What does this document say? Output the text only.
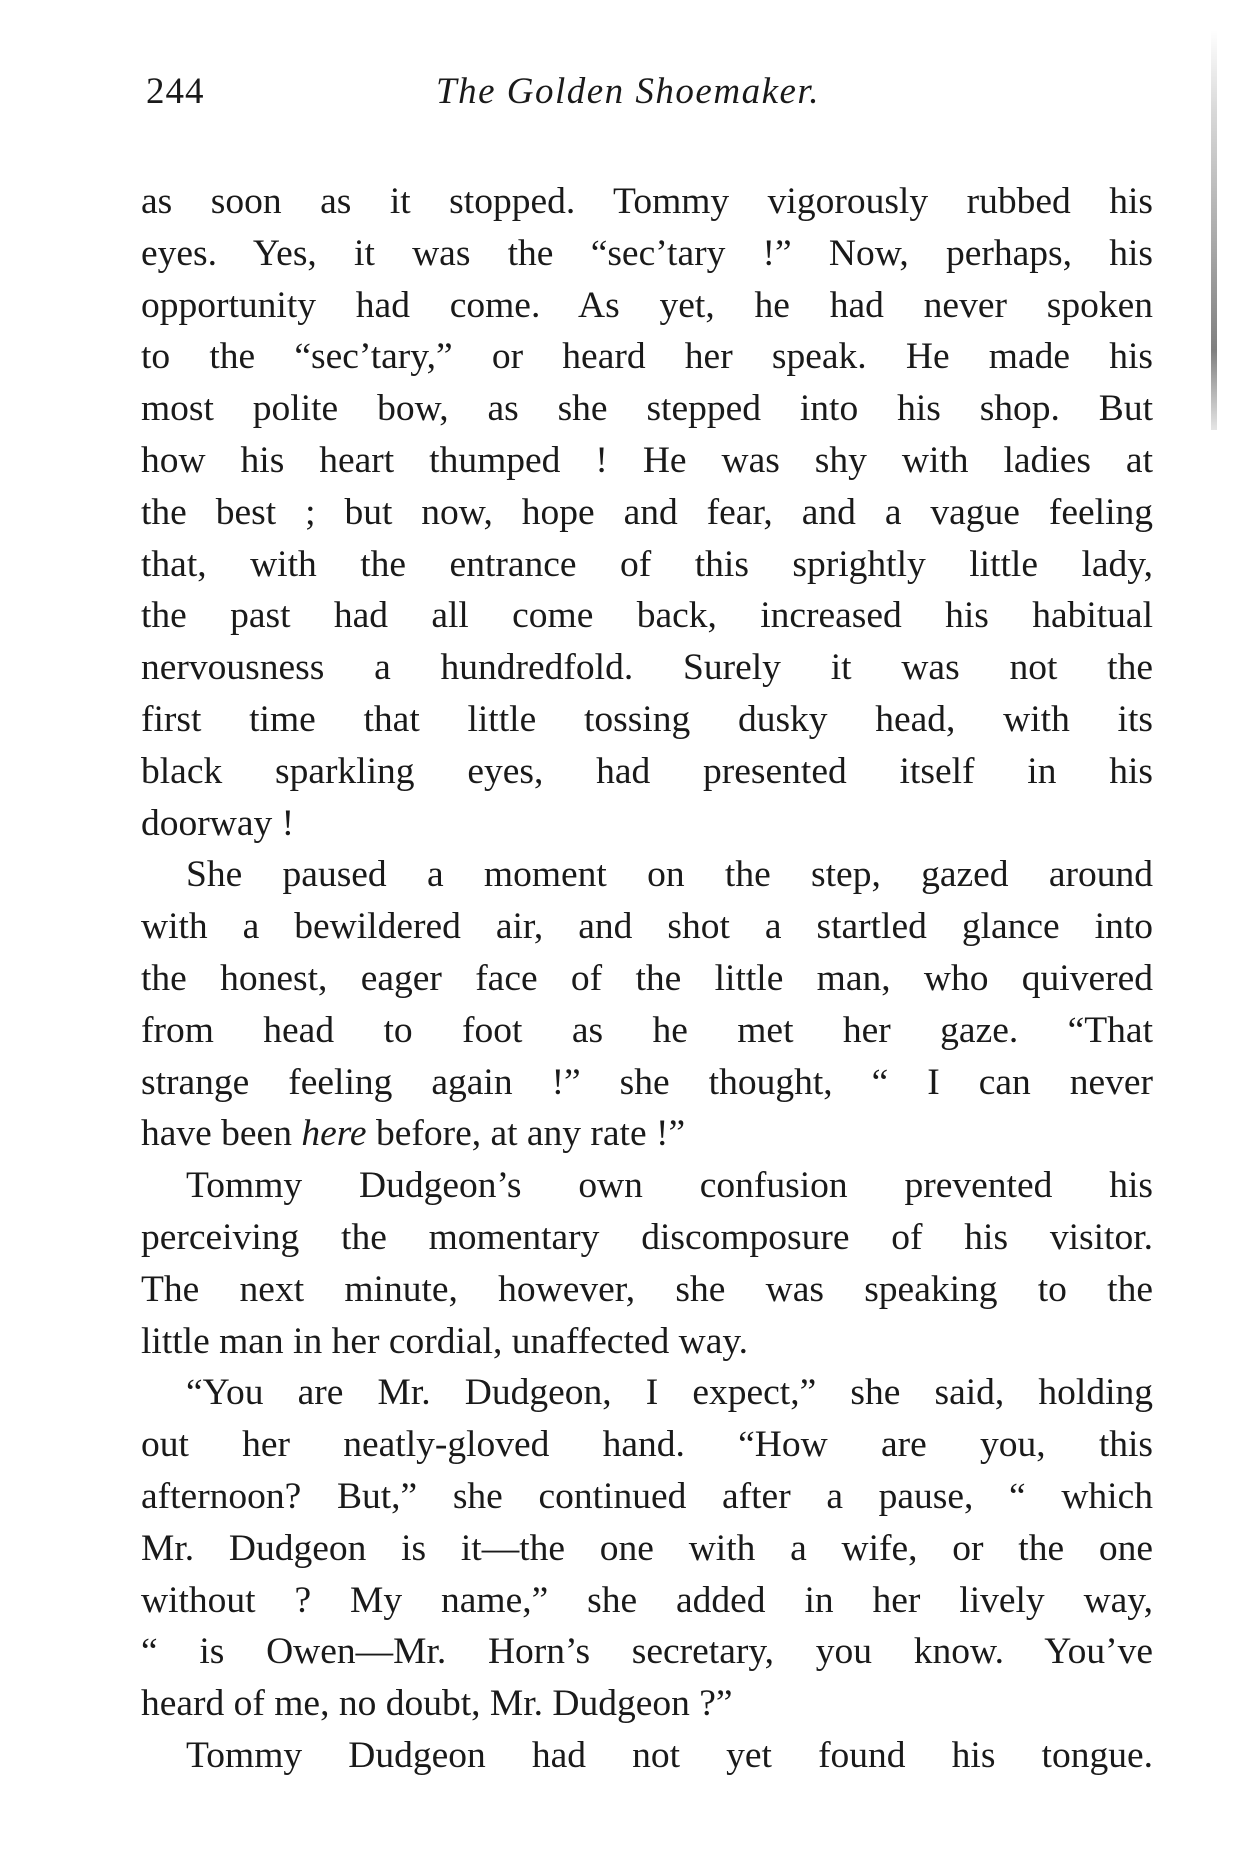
244	The Golden Shoemaker.
as soon as it stopped. Tommy vigorously rubbed his
eyes. Yes, it was the “sec’tary !” Now, perhaps, his
opportunity had come. As yet, he had never spoken
to the “sec’tary,” or heard her speak. He made his
most polite bow, as she stepped into his shop. But
how his heart thumped ! He was shy with ladies at
the best ; but now, hope and fear, and a vague feeling
that, with the entrance of this sprightly little lady,
the past had all come back, increased his habitual
nervousness a hundredfold. Surely it was not the
first time that little tossing dusky head, with its
black sparkling eyes, had presented itself in his
doorway !
She paused a moment on the step, gazed around
with a bewildered air, and shot a startled glance into
the honest, eager face of the little man, who quivered
from head to foot as he met her gaze. “That
strange feeling again !” she thought, “ I can never
have been here before, at any rate !”
Tommy Dudgeon’s own confusion prevented his
perceiving the momentary discomposure of his visitor.
The next minute, however, she was speaking to the
little man in her cordial, unaffected way.
“You are Mr. Dudgeon, I expect,” she said, holding
out her neatly-gloved hand. “How are you, this
afternoon? But,” she continued after a pause, “ which
Mr. Dudgeon is it—the one with a wife, or the one
without ? My name,” she added in her lively way,
“ is Owen—Mr. Horn’s secretary, you know. You’ve
heard of me, no doubt, Mr. Dudgeon ?”
Tommy Dudgeon had not yet found his tongue.
